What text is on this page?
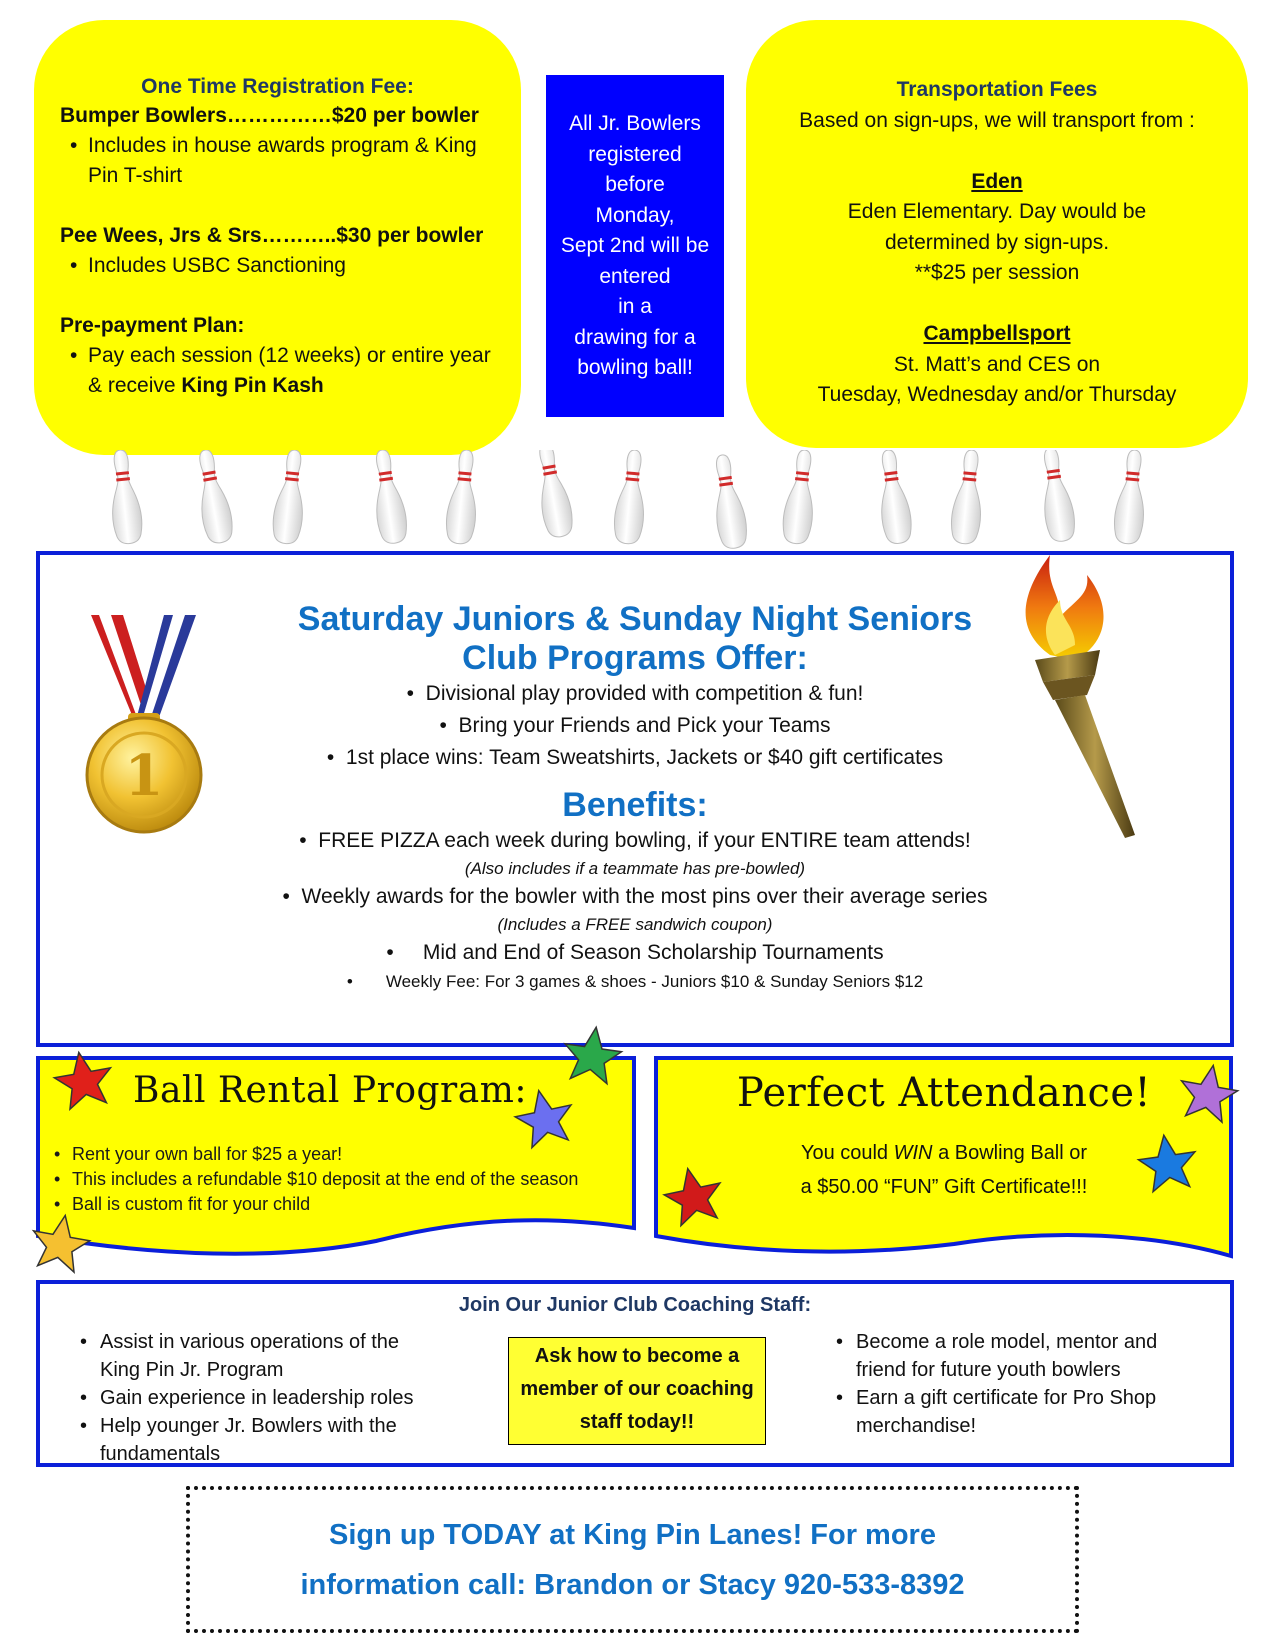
One Time Registration Fee:
Bumper Bowlers……………$20 per bowler
• Includes in house awards program & King Pin T-shirt
Pee Wees, Jrs & Srs………..$30 per bowler
• Includes USBC Sanctioning
Pre-payment Plan:
• Pay each session (12 weeks) or entire year & receive King Pin Kash
All Jr. Bowlers
registered
before
Monday,
Sept 2nd will be
entered
in a
drawing for a
bowling ball!
Transportation Fees
Based on sign-ups, we will transport from :

Eden
Eden Elementary. Day would be
determined by sign-ups.
**$25 per session

Campbellsport
St. Matt’s and CES on
Tuesday, Wednesday and/or Thursday
Saturday Juniors & Sunday Night Seniors
Club Programs Offer:
•  Divisional play provided with competition & fun!
•  Bring your Friends and Pick your Teams
•  1st place wins: Team Sweatshirts, Jackets or $40 gift certificates
Benefits:
•  FREE PIZZA each week during bowling, if your ENTIRE team attends!
(Also includes if a teammate has pre-bowled)
•  Weekly awards for the bowler with the most pins over their average series
(Includes a FREE sandwich coupon)
•     Mid and End of Season Scholarship Tournaments
•       Weekly Fee: For 3 games & shoes - Juniors $10 & Sunday Seniors $12
1
Ball Rental Program:
• Rent your own ball for $25 a year!
• This includes a refundable $10 deposit at the end of the season
• Ball is custom fit for your child
Perfect Attendance!
You could WIN a Bowling Ball or
a $50.00 “FUN” Gift Certificate!!!
Join Our Junior Club Coaching Staff:
• Assist in various operations of the King Pin Jr. Program
• Gain experience in leadership roles
• Help younger Jr. Bowlers with the fundamentals
• Become a role model, mentor and friend for future youth bowlers
• Earn a gift certificate for Pro Shop merchandise!
Ask how to become a
member of our coaching
staff today!!
Sign up TODAY at King Pin Lanes! For more
information call: Brandon or Stacy 920-533-8392
